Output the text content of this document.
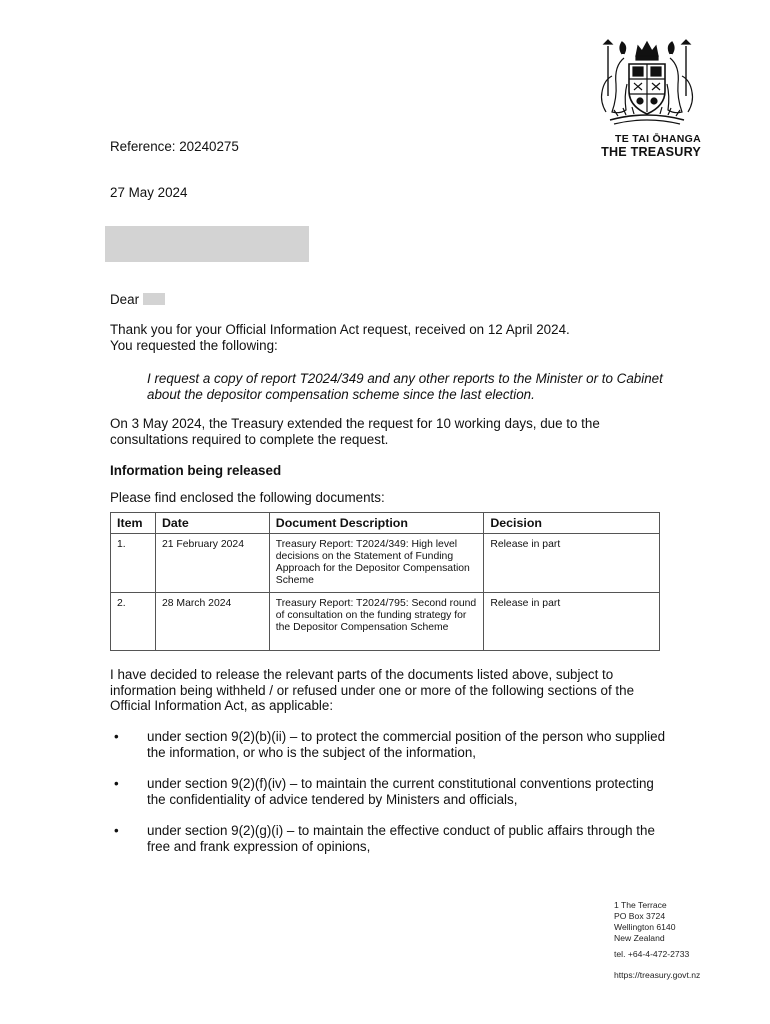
TE TAI ŌHANGA
THE TREASURY
Reference: 20240275
27 May 2024
Dear
Thank you for your Official Information Act request, received on 12 April 2024.
You requested the following:
I request a copy of report T2024/349 and any other reports to the Minister or to Cabinet about the depositor compensation scheme since the last election.
On 3 May 2024, the Treasury extended the request for 10 working days, due to the consultations required to complete the request.
Information being released
Please find enclosed the following documents:
Item	Date	Document Description	Decision
1.	21 February 2024	Treasury Report: T2024/349: High level decisions on the Statement of Funding Approach for the Depositor Compensation Scheme	Release in part
2.	28 March 2024	Treasury Report: T2024/795: Second round of consultation on the funding strategy for the Depositor Compensation Scheme	Release in part
I have decided to release the relevant parts of the documents listed above, subject to information being withheld / or refused under one or more of the following sections of the Official Information Act, as applicable:
• under section 9(2)(b)(ii) – to protect the commercial position of the person who supplied the information, or who is the subject of the information,
• under section 9(2)(f)(iv) – to maintain the current constitutional conventions protecting the confidentiality of advice tendered by Ministers and officials,
• under section 9(2)(g)(i) – to maintain the effective conduct of public affairs through the free and frank expression of opinions,
1 The Terrace
PO Box 3724
Wellington 6140
New Zealand
tel. +64-4-472-2733
https://treasury.govt.nz
